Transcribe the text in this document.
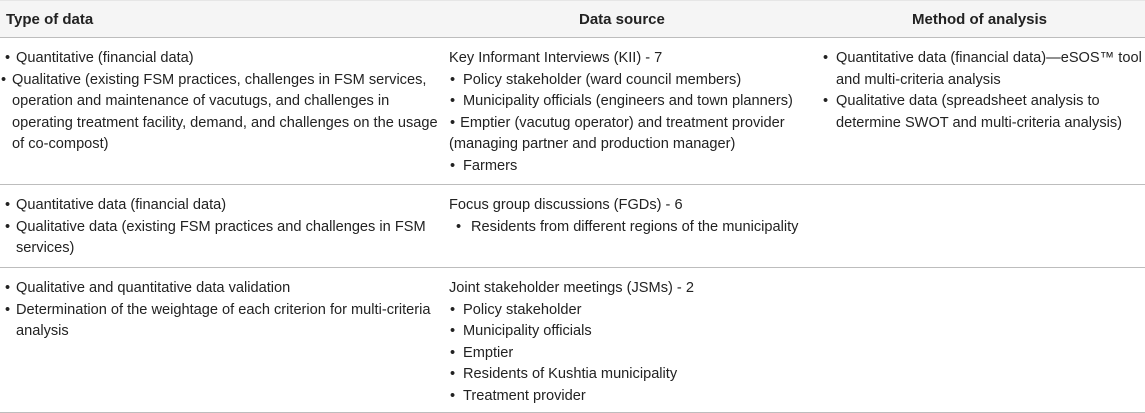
Type of data	Data source	Method of analysis
• Quantitative (financial data)
• Qualitative (existing FSM practices, challenges in FSM services, operation and maintenance of vacutugs, and challenges in operating treatment facility, demand, and challenges on the usage of co-compost)
Key Informant Interviews (KII) - 7
• Policy stakeholder (ward council members)
• Municipality officials (engineers and town planners)
• Emptier (vacutug operator) and treatment provider (managing partner and production manager)
• Farmers
• Quantitative data (financial data)—eSOS™ tool and multi-criteria analysis
• Qualitative data (spreadsheet analysis to determine SWOT and multi-criteria analysis)
• Quantitative data (financial data)
• Qualitative data (existing FSM practices and challenges in FSM services)
Focus group discussions (FGDs) - 6
• Residents from different regions of the municipality
• Qualitative and quantitative data validation
• Determination of the weightage of each criterion for multi-criteria analysis
Joint stakeholder meetings (JSMs) - 2
• Policy stakeholder
• Municipality officials
• Emptier
• Residents of Kushtia municipality
• Treatment provider
